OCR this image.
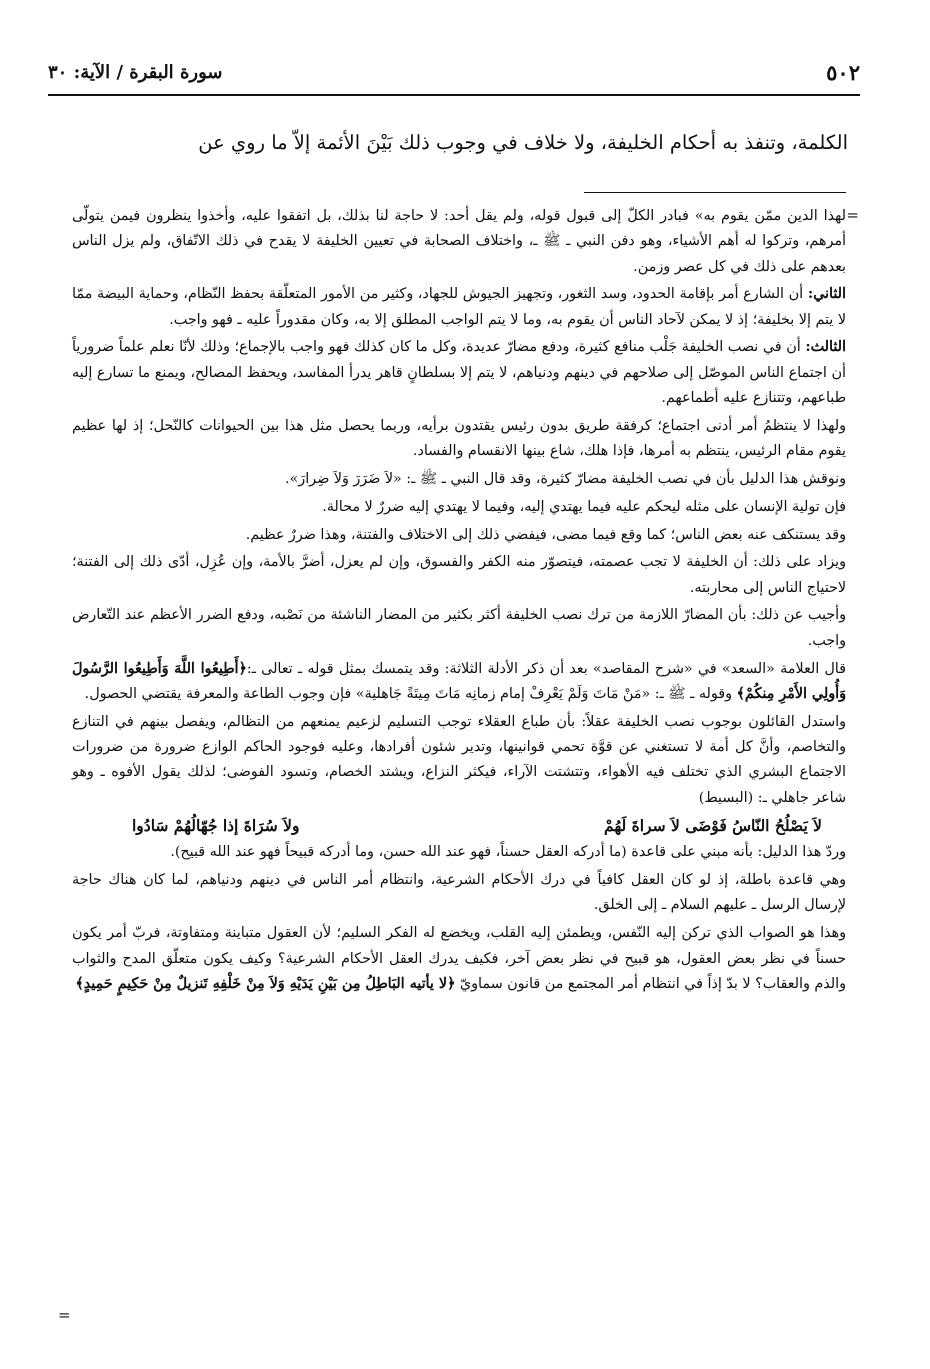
٥٠٢
سورة البقرة / الآية: ٣٠
الكلمة، وتنفذ به أحكام الخليفة، ولا خلاف في وجوب ذلك بَيْنَ الأئمة إلاّ ما روي عن
=
=

لهذا الدين ممّن يقوم به» فبادر الكلّ إلى قبول قوله، ولم يقل أحد: لا حاجة لنا بذلك، بل اتفقوا عليه، وأخذوا ينظرون فيمن يتولّى أمرهم، وتركوا له أهم الأشياء، وهو دفن النبي ـ ﷺ ـ، واختلاف الصحابة في تعيين الخليفة لا يقدح في ذلك الاتّفاق، ولم يزل الناس بعدهم على ذلك في كل عصر وزمن.

الثاني: أن الشارع أمر بإقامة الحدود، وسد الثغور، وتجهيز الجيوش للجهاد، وكثير من الأمور المتعلّقة بحفظ النّظام، وحماية البيضة ممّا لا يتم إلا بخليفة؛ إذ لا يمكن لآحاد الناس أن يقوم به، وما لا يتم الواجب المطلق إلا به، وكان مقدوراً عليه ـ فهو واجب.

الثالث: أن في نصب الخليفة جَلْب منافع كثيرة، ودفع مضارّ عديدة، وكل ما كان كذلك فهو واجب بالإجماع؛ وذلك لأنّا نعلم علماً ضرورياً أن اجتماع الناس الموصّل إلى صلاحهم في دينهم ودنياهم، لا يتم إلا بسلطانٍ قاهر يدرأ المفاسد، ويحفظ المصالح، ويمنع ما تسارع إليه طباعهم، وتتنازع عليه أطماعهم.

ولهذا لا ينتظمُ أمر أدنى اجتماع؛ كرفقة طريق بدون رئيس يقتدون برأيه، وربما يحصل مثل هذا بين الحيوانات كالنّحل؛ إذ لها عظيم يقوم مقام الرئيس، ينتظم به أمرها، فإذا هلك، شاع بينها الانقسام والفساد.

ونوقش هذا الدليل بأن في نصب الخليفة مضارّ كثيرة، وقد قال النبي ـ ﷺ ـ: «لاَ ضَرَرَ وَلاَ ضِرارَ».

فإن تولية الإنسان على مثله ليحكم عليه فيما يهتدي إليه، وفيما لا يهتدي إليه ضررٌ لا محالة.

وقد يستنكف عنه بعض الناس؛ كما وقع فيما مضى، فيفضي ذلك إلى الاختلاف والفتنة، وهذا ضررٌ عظيم.

ويزاد على ذلك: أن الخليفة لا تجب عصمته، فيتصوّر منه الكفر والفسوق، وإن لم يعزل، أضرَّ بالأمة، وإن عُزِل، أدّى ذلك إلى الفتنة؛ لاحتياج الناس إلى محاربته.

وأجيب عن ذلك: بأن المضارّ اللازمة من ترك نصب الخليفة أكثر بكثير من المضار الناشئة من نَصْبه، ودفع الضرر الأعظم عند التّعارض واجب.

قال العلامة «السعد» في «شرح المقاصد» بعد أن ذكر الأدلة الثلاثة: وقد يتمسك بمثل قوله ـ تعالى ـ:﴿أَطِيعُوا اللَّهَ وَأَطِيعُوا الرَّسُولَ وَأُولِي الأَمْرِ مِنكُمْ﴾ وقوله ـ ﷺ ـ: «مَنْ مَاتَ وَلَمْ يَعْرِفْ إمام زمانِه مَاتَ مِيتَةً جَاهلية» فإن وجوب الطاعة والمعرفة يقتضي الحصول.

واستدل القائلون بوجوب نصب الخليفة عقلاً: بأن طباع العقلاء توجب التسليم لزعيم يمنعهم من التظالم، ويفصل بينهم في التنازع والتخاصم، وأنَّ كل أمة لا تستغني عن قوَّة تحمي قوانينها، وتدير شئون أفرادها، وعليه فوجود الحاكم الوازع ضرورة من ضرورات الاجتماع البشري الذي تختلف فيه الأهواء، وتتشتت الآراء، فيكثر النزاع، ويشتد الخصام، وتسود الفوضى؛ لذلك يقول الأفوه ـ وهو شاعر جاهلي ـ: (البسيط)

لاَ يَصْلُحُ النّاسُ فَوْضَى لاَ سراةَ لَهُمْ
ولاَ سُرَاةَ إذا جُهّالُهُمْ سَادُوا

وردّ هذا الدليل: بأنه مبني على قاعدة (ما أدركه العقل حسناً، فهو عند الله حسن، وما أدركه قبيحاً فهو عند الله قبيح).

وهي قاعدة باطلة، إذ لو كان العقل كافياً في درك الأحكام الشرعية، وانتظام أمر الناس في دينهم ودنياهم، لما كان هناك حاجة لإرسال الرسل ـ عليهم السلام ـ إلى الخلق.

وهذا هو الصواب الذي تركن إليه النّفس، ويطمئن إليه القلب، ويخضع له الفكر السليم؛ لأن العقول متباينة ومتفاوتة، فربّ أمر يكون حسناً في نظر بعض العقول، هو قبيح في نظر بعض آخر، فكيف يدرك العقل الأحكام الشرعية؟ وكيف يكون متعلّق المدح والثواب والذم والعقاب؟ لا بدّ إذاً في انتظام أمر المجتمع من قانون سماويّ ﴿لا يأتيه البَاطِلُ مِن بَيْنِ يَدَيْهِ وَلاَ مِنْ خَلْفِهِ تَنزيلٌ مِنْ حَكِيمٍ حَمِيدٍ﴾
